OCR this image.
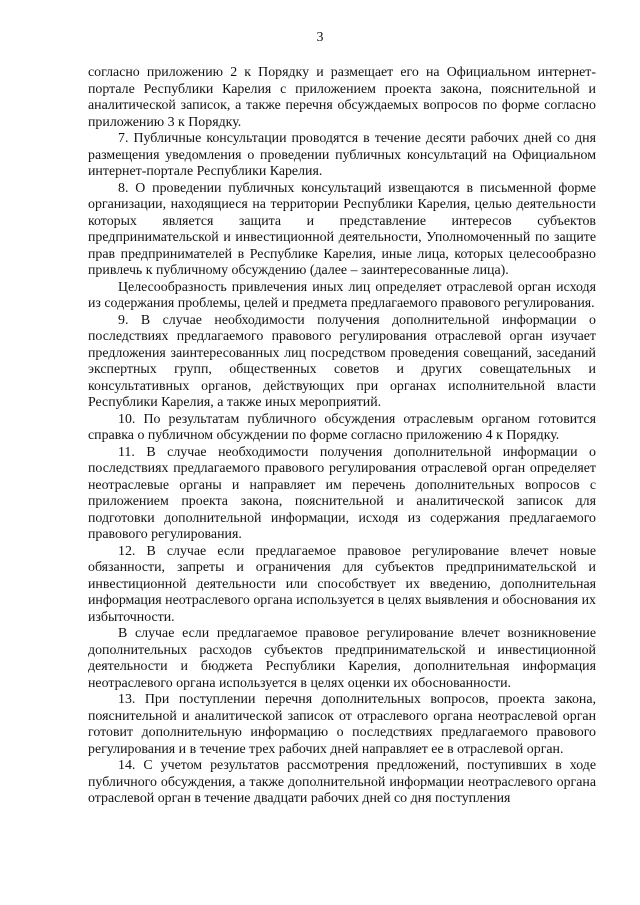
3

согласно приложению 2 к Порядку и размещает его на Официальном интернет-портале Республики Карелия с приложением проекта закона, пояснительной и аналитической записок, а также перечня обсуждаемых вопросов по форме согласно приложению 3 к Порядку.

7. Публичные консультации проводятся в течение десяти рабочих дней со дня размещения уведомления о проведении публичных консультаций на Официальном интернет-портале Республики Карелия.

8. О проведении публичных консультаций извещаются в письменной форме организации, находящиеся на территории Республики Карелия, целью деятельности которых является защита и представление интересов субъектов предпринимательской и инвестиционной деятельности, Уполномоченный по защите прав предпринимателей в Республике Карелия, иные лица, которых целесообразно привлечь к публичному обсуждению (далее – заинтересованные лица).

Целесообразность привлечения иных лиц определяет отраслевой орган исходя из содержания проблемы, целей и предмета предлагаемого правового регулирования.

9. В случае необходимости получения дополнительной информации о последствиях предлагаемого правового регулирования отраслевой орган изучает предложения заинтересованных лиц посредством проведения совещаний, заседаний экспертных групп, общественных советов и других совещательных и консультативных органов, действующих при органах исполнительной власти Республики Карелия, а также иных мероприятий.

10. По результатам публичного обсуждения отраслевым органом готовится справка о публичном обсуждении по форме согласно приложению 4 к Порядку.

11. В случае необходимости получения дополнительной информации о последствиях предлагаемого правового регулирования отраслевой орган определяет неотраслевые органы и направляет им перечень дополнительных вопросов с приложением проекта закона, пояснительной и аналитической записок для подготовки дополнительной информации, исходя из содержания предлагаемого правового регулирования.

12. В случае если предлагаемое правовое регулирование влечет новые обязанности, запреты и ограничения для субъектов предпринимательской и инвестиционной деятельности или способствует их введению, дополнительная информация неотраслевого органа используется в целях выявления и обоснования их избыточности.

В случае если предлагаемое правовое регулирование влечет возникновение дополнительных расходов субъектов предпринимательской и инвестиционной деятельности и бюджета Республики Карелия, дополнительная информация неотраслевого органа используется в целях оценки их обоснованности.

13. При поступлении перечня дополнительных вопросов, проекта закона, пояснительной и аналитической записок от отраслевого органа неотраслевой орган готовит дополнительную информацию о последствиях предлагаемого правового регулирования и в течение трех рабочих дней направляет ее в отраслевой орган.

14. С учетом результатов рассмотрения предложений, поступивших в ходе публичного обсуждения, а также дополнительной информации неотраслевого органа отраслевой орган в течение двадцати рабочих дней со дня поступления
